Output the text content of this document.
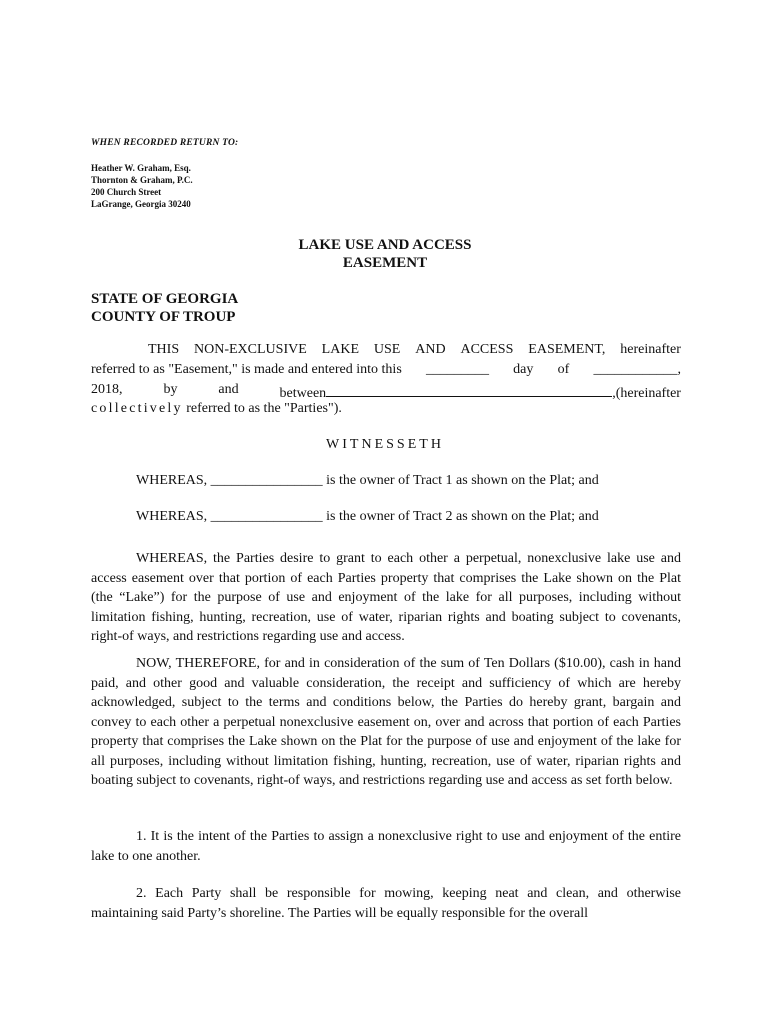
WHEN RECORDED RETURN TO:
Heather W. Graham, Esq.
Thornton & Graham, P.C.
200 Church Street
LaGrange, Georgia 30240
LAKE USE AND ACCESS
EASEMENT
STATE OF GEORGIA
COUNTY OF TROUP
THIS NON-EXCLUSIVE LAKE USE AND ACCESS EASEMENT, hereinafter
referred to as "Easement," is made and entered into this _________ day of ____________,
2018,	by	and	between	,(hereinafter
collectively referred to as the "Parties").
WITNESSETH
WHEREAS, ________________ is the owner of Tract 1 as shown on the Plat; and
WHEREAS, ________________ is the owner of Tract 2 as shown on the Plat; and

WHEREAS, the Parties desire to grant to each other a perpetual, nonexclusive lake use and access easement over that portion of each Parties property that comprises the Lake shown on the Plat (the “Lake”) for the purpose of use and enjoyment of the lake for all purposes, including without limitation fishing, hunting, recreation, use of water, riparian rights and boating subject to covenants, right-of ways, and restrictions regarding use and access.

NOW, THEREFORE, for and in consideration of the sum of Ten Dollars ($10.00), cash in hand paid, and other good and valuable consideration, the receipt and sufficiency of which are hereby acknowledged, subject to the terms and conditions below, the Parties do hereby grant, bargain and convey to each other a perpetual nonexclusive easement on, over and across that portion of each Parties property that comprises the Lake shown on the Plat for the purpose of use and enjoyment of the lake for all purposes, including without limitation fishing, hunting, recreation, use of water, riparian rights and boating subject to covenants, right-of ways, and restrictions regarding use and access as set forth below.

1. It is the intent of the Parties to assign a nonexclusive right to use and enjoyment of the entire lake to one another.

2. Each Party shall be responsible for mowing, keeping neat and clean, and otherwise maintaining said Party’s shoreline. The Parties will be equally responsible for the overall
